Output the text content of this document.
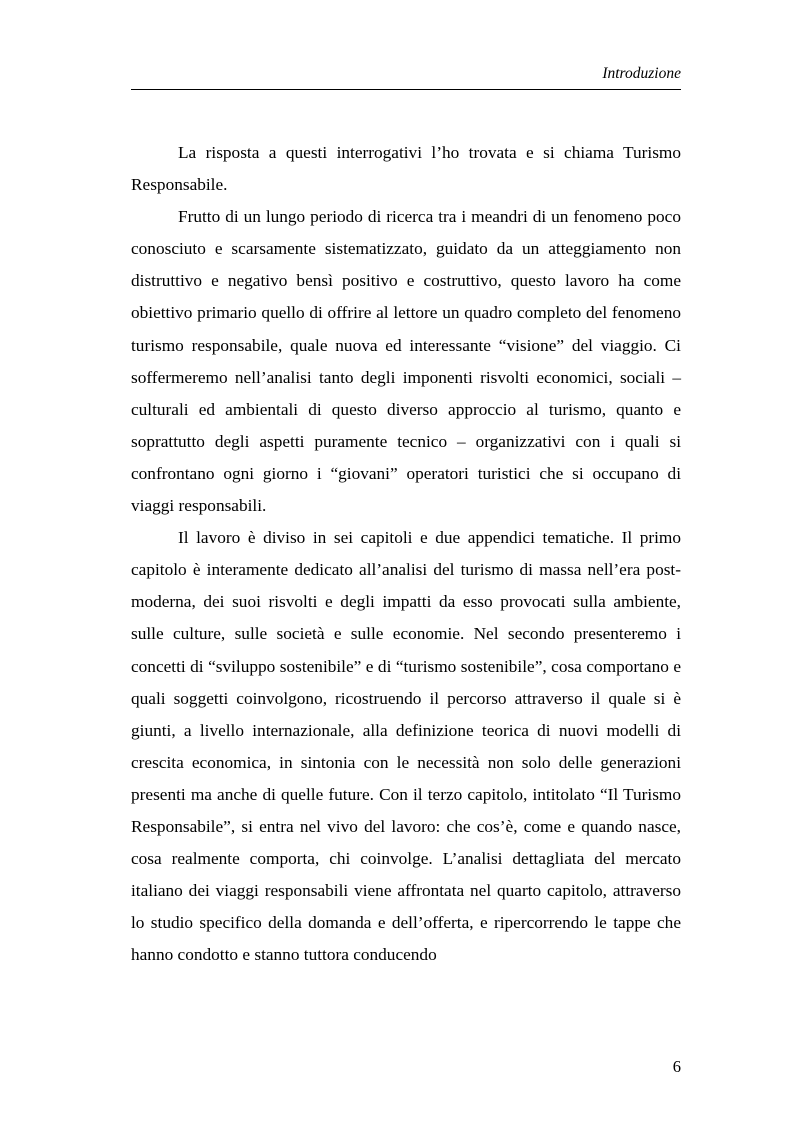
Introduzione

La risposta a questi interrogativi l’ho trovata e si chiama Turismo Responsabile.

Frutto di un lungo periodo di ricerca tra i meandri di un fenomeno poco conosciuto e scarsamente sistematizzato, guidato da un atteggiamento non distruttivo e negativo bensì positivo e costruttivo, questo lavoro ha come obiettivo primario quello di offrire al lettore un quadro completo del fenomeno turismo responsabile, quale nuova ed interessante “visione” del viaggio. Ci soffermeremo nell’analisi tanto degli imponenti risvolti economici, sociali – culturali ed ambientali di questo diverso approccio al turismo, quanto e soprattutto degli aspetti puramente tecnico – organizzativi con i quali si confrontano ogni giorno i “giovani” operatori turistici che si occupano di viaggi responsabili.

Il lavoro è diviso in sei capitoli e due appendici tematiche. Il primo capitolo è interamente dedicato all’analisi del turismo di massa nell’era post-moderna, dei suoi risvolti e degli impatti da esso provocati sulla ambiente, sulle culture, sulle società e sulle economie. Nel secondo presenteremo i concetti di “sviluppo sostenibile” e di “turismo sostenibile”, cosa comportano e quali soggetti coinvolgono, ricostruendo il percorso attraverso il quale si è giunti, a livello internazionale, alla definizione teorica di nuovi modelli di crescita economica, in sintonia con le necessità non solo delle generazioni presenti ma anche di quelle future. Con il terzo capitolo, intitolato “Il Turismo Responsabile”, si entra nel vivo del lavoro: che cos’è, come e quando nasce, cosa realmente comporta, chi coinvolge. L’analisi dettagliata del mercato italiano dei viaggi responsabili viene affrontata nel quarto capitolo, attraverso lo studio specifico della domanda e dell’offerta, e ripercorrendo le tappe che hanno condotto e stanno tuttora conducendo

6
